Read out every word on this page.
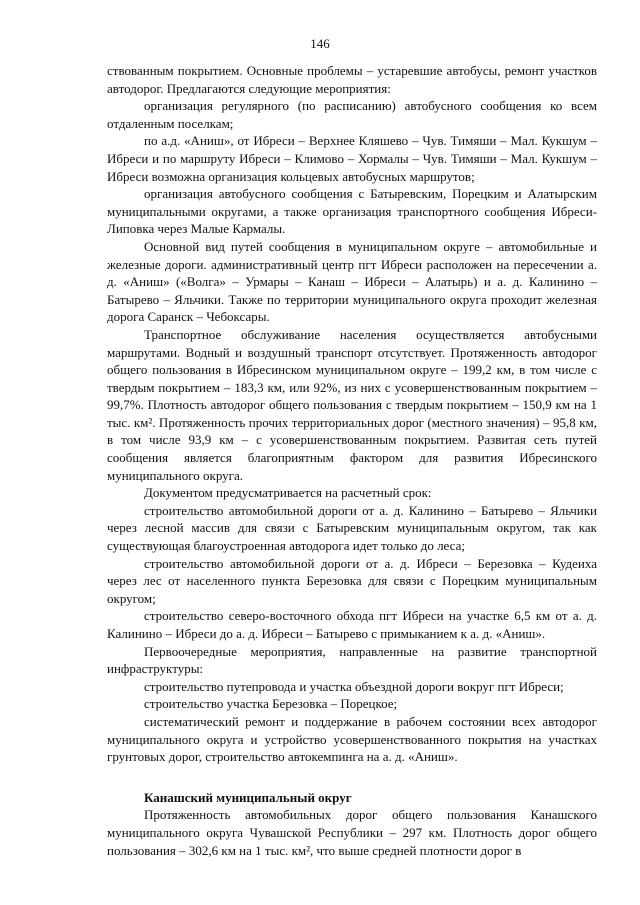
146

ствованным покрытием. Основные проблемы – устаревшие автобусы, ремонт участков автодорог. Предлагаются следующие мероприятия:

организация регулярного (по расписанию) автобусного сообщения ко всем отдаленным поселкам;

по а.д. «Аниш», от Ибреси – Верхнее Кляшево – Чув. Тимяши – Мал. Кукшум – Ибреси и по маршруту Ибреси – Климово – Хормалы – Чув. Тимяши – Мал. Кукшум – Ибреси возможна организация кольцевых автобусных маршрутов;

организация автобусного сообщения с Батыревским, Порецким и Алатырским муниципальными округами, а также организация транспортного сообщения Ибреси-Липовка через Малые Кармалы.

Основной вид путей сообщения в муниципальном округе – автомобильные и железные дороги. административный центр пгт Ибреси расположен на пересечении а. д. «Аниш» («Волга» – Урмары – Канаш – Ибреси – Алатырь) и а. д. Калинино – Батырево – Яльчики. Также по территории муниципального округа проходит железная дорога Саранск – Чебоксары.

Транспортное обслуживание населения осуществляется автобусными маршрутами. Водный и воздушный транспорт отсутствует. Протяженность автодорог общего пользования в Ибресинском муниципальном округе – 199,2 км, в том числе с твердым покрытием – 183,3 км, или 92%, из них с усовершенствованным покрытием – 99,7%. Плотность автодорог общего пользования с твердым покрытием – 150,9 км на 1 тыс. км². Протяженность прочих территориальных дорог (местного значения) – 95,8 км, в том числе 93,9 км – с усовершенствованным покрытием. Развитая сеть путей сообщения является благоприятным фактором для развития Ибресинского муниципального округа.

Документом предусматривается на расчетный срок:

строительство автомобильной дороги от а. д. Калинино – Батырево – Яльчики через лесной массив для связи с Батыревским муниципальным округом, так как существующая благоустроенная автодорога идет только до леса;

строительство автомобильной дороги от а. д. Ибреси – Березовка – Кудеиха через лес от населенного пункта Березовка для связи с Порецким муниципальным округом;

строительство северо-восточного обхода пгт Ибреси на участке 6,5 км от а. д. Калинино – Ибреси до а. д. Ибреси – Батырево с примыканием к а. д. «Аниш».

Первоочередные мероприятия, направленные на развитие транспортной инфраструктуры:

строительство путепровода и участка объездной дороги вокруг пгт Ибреси;

строительство участка Березовка – Порецкое;

систематический ремонт и поддержание в рабочем состоянии всех автодорог муниципального округа и устройство усовершенствованного покрытия на участках грунтовых дорог, строительство автокемпинга на а. д. «Аниш».

Канашский муниципальный округ

Протяженность автомобильных дорог общего пользования Канашского муниципального округа Чувашской Республики – 297 км. Плотность дорог общего пользования – 302,6 км на 1 тыс. км², что выше средней плотности дорог в
